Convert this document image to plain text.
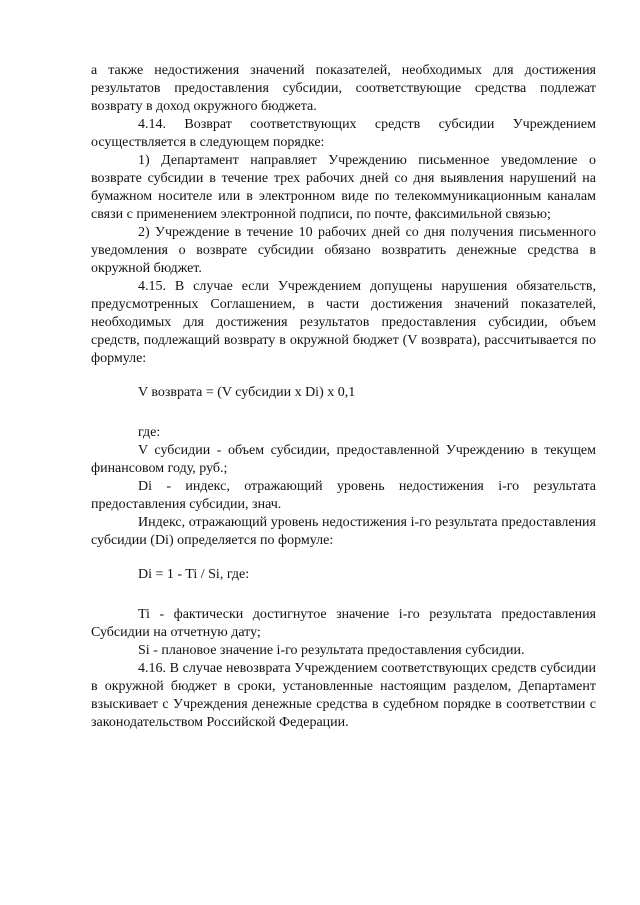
а также недостижения значений показателей, необходимых для достижения результатов предоставления субсидии, соответствующие средства подлежат возврату в доход окружного бюджета.

4.14. Возврат соответствующих средств субсидии Учреждением осуществляется в следующем порядке:

1) Департамент направляет Учреждению письменное уведомление о возврате субсидии в течение трех рабочих дней со дня выявления нарушений на бумажном носителе или в электронном виде по телекоммуникационным каналам связи с применением электронной подписи, по почте, факсимильной связью;

2) Учреждение в течение 10 рабочих дней со дня получения письменного уведомления о возврате субсидии обязано возвратить денежные средства в окружной бюджет.

4.15. В случае если Учреждением допущены нарушения обязательств, предусмотренных Соглашением, в части достижения значений показателей, необходимых для достижения результатов предоставления субсидии, объем средств, подлежащий возврату в окружной бюджет (V возврата), рассчитывается по формуле:

V возврата = (V субсидии x Di) x 0,1

где:

V субсидии - объем субсидии, предоставленной Учреждению в текущем финансовом году, руб.;

Di - индекс, отражающий уровень недостижения i-го результата предоставления субсидии, знач.

Индекс, отражающий уровень недостижения i-го результата предоставления субсидии (Di) определяется по формуле:

Di = 1 - Ti / Si, где:

Ti - фактически достигнутое значение i-го результата предоставления Субсидии на отчетную дату;

Si - плановое значение i-го результата предоставления субсидии.

4.16. В случае невозврата Учреждением соответствующих средств субсидии в окружной бюджет в сроки, установленные настоящим разделом, Департамент взыскивает с Учреждения денежные средства в судебном порядке в соответствии с законодательством Российской Федерации.
